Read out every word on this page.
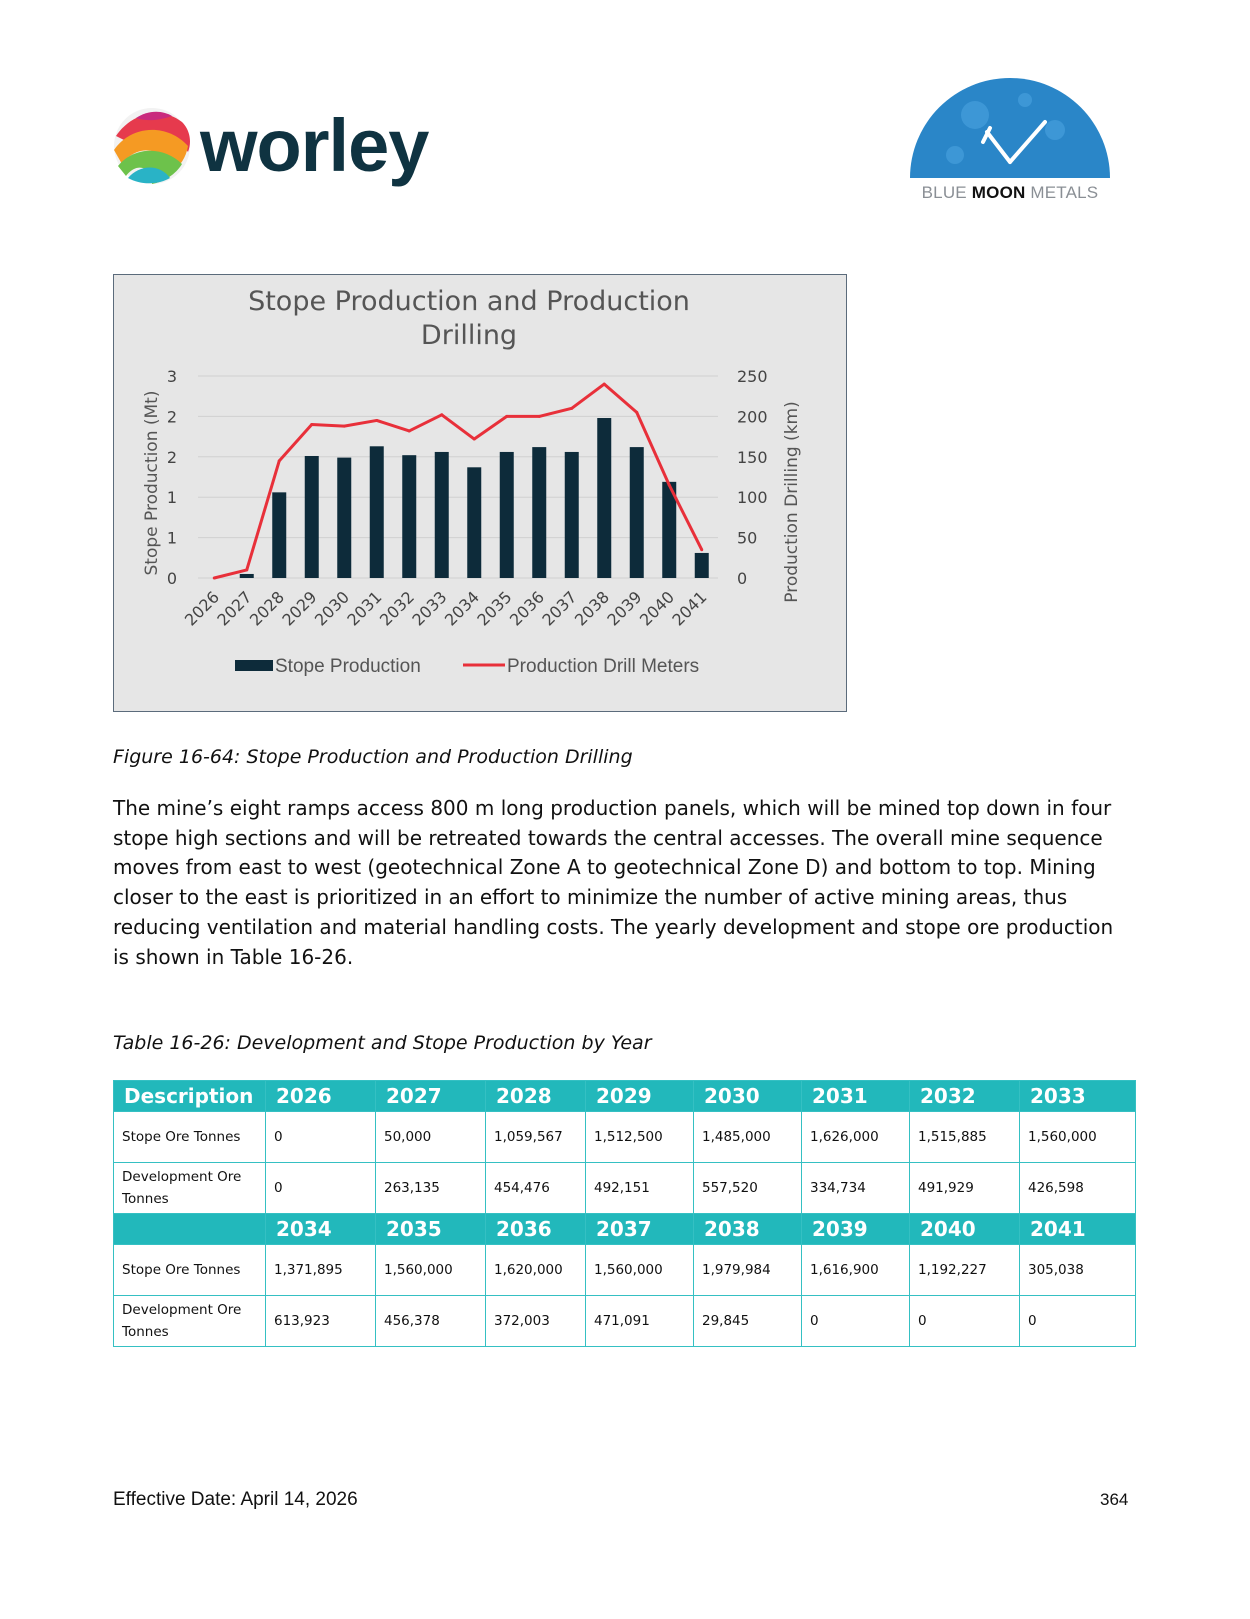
worley
BLUE MOON METALS
Stope Production and Production
Drilling
0
50
100
150
200
250
0
1
1
2
2
3
2026
2027
2028
2029
2030
2031
2032
2033
2034
2035
2036
2037
2038
2039
2040
2041
Stope Production (Mt)	Production Drilling (km)
Stope Production	Production Drill Meters
Figure 16-64: Stope Production and Production Drilling
The mine’s eight ramps access 800 m long production panels, which will be mined top down in four stope high sections and will be retreated towards the central accesses. The overall mine sequence moves from east to west (geotechnical Zone A to geotechnical Zone D) and bottom to top. Mining closer to the east is prioritized in an effort to minimize the number of active mining areas, thus reducing ventilation and material handling costs. The yearly development and stope ore production is shown in Table 16-26.
Table 16-26: Development and Stope Production by Year
Description	2026	2027	2028	2029	2030	2031	2032	2033
Stope Ore Tonnes	0	50,000	1,059,567	1,512,500	1,485,000	1,626,000	1,515,885	1,560,000
Development Ore Tonnes	0	263,135	454,476	492,151	557,520	334,734	491,929	426,598
	2034	2035	2036	2037	2038	2039	2040	2041
Stope Ore Tonnes	1,371,895	1,560,000	1,620,000	1,560,000	1,979,984	1,616,900	1,192,227	305,038
Development Ore Tonnes	613,923	456,378	372,003	471,091	29,845	0	0	0
Effective Date: April 14, 2026	364
